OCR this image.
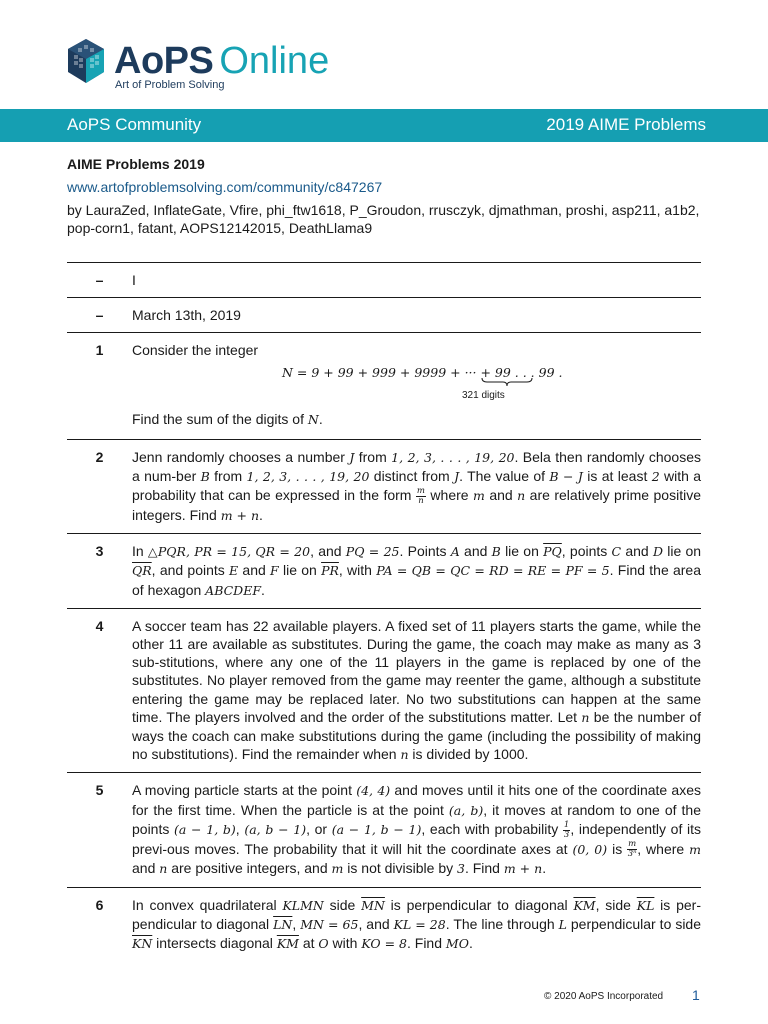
AoPS Online
Art of Problem Solving
AoPS Community	2019 AIME Problems
AIME Problems 2019
www.artofproblemsolving.com/community/c847267
by LauraZed, InflateGate, Vfire, phi_ftw1618, P_Groudon, rrusczyk, djmathman, proshi, asp211, a1b2, pop-corn1, fatant, AOPS12142015, DeathLlama9
–	I
–	March 13th, 2019
1	Consider the integer
N = 9 + 99 + 999 + 9999 + ··· + 99 . . . 99 .
321 digits
Find the sum of the digits of N.
2	Jenn randomly chooses a number J from 1, 2, 3, . . . , 19, 20. Bela then randomly chooses a num-ber B from 1, 2, 3, . . . , 19, 20 distinct from J. The value of B − J is at least 2 with a probability that can be expressed in the form $\frac{m}{n}$ where m and n are relatively prime positive integers. Find m + n.
3	In △PQR, PR = 15, QR = 20, and PQ = 25. Points A and B lie on $\overline{PQ}$, points C and D lie on $\overline{QR}$, and points E and F lie on $\overline{PR}$, with PA = QB = QC = RD = RE = PF = 5. Find the area of hexagon ABCDEF.
4	A soccer team has 22 available players. A fixed set of 11 players starts the game, while the other 11 are available as substitutes. During the game, the coach may make as many as 3 sub-stitutions, where any one of the 11 players in the game is replaced by one of the substitutes. No player removed from the game may reenter the game, although a substitute entering the game may be replaced later. No two substitutions can happen at the same time. The players involved and the order of the substitutions matter. Let n be the number of ways the coach can make substitutions during the game (including the possibility of making no substitutions). Find the remainder when n is divided by 1000.
5	A moving particle starts at the point (4, 4) and moves until it hits one of the coordinate axes for the first time. When the particle is at the point (a, b), it moves at random to one of the points (a − 1, b), (a, b − 1), or (a − 1, b − 1), each with probability $\frac{1}{3}$ , independently of its previ-ous moves. The probability that it will hit the coordinate axes at (0, 0) is $\frac{m}{\text{3ⁿ}}$ , where m and n are positive integers, and m is not divisible by 3. Find m + n.
6	In convex quadrilateral KLMN side $\overline{MN}$ is perpendicular to diagonal $\overline{KM}$, side $\overline{KL}$ is per-pendicular to diagonal $\overline{LN}$, MN = 65, and KL = 28. The line through L perpendicular to side $\overline{KN}$ intersects diagonal $\overline{KM}$ at O with KO = 8. Find MO.
© 2020 AoPS Incorporated 1
